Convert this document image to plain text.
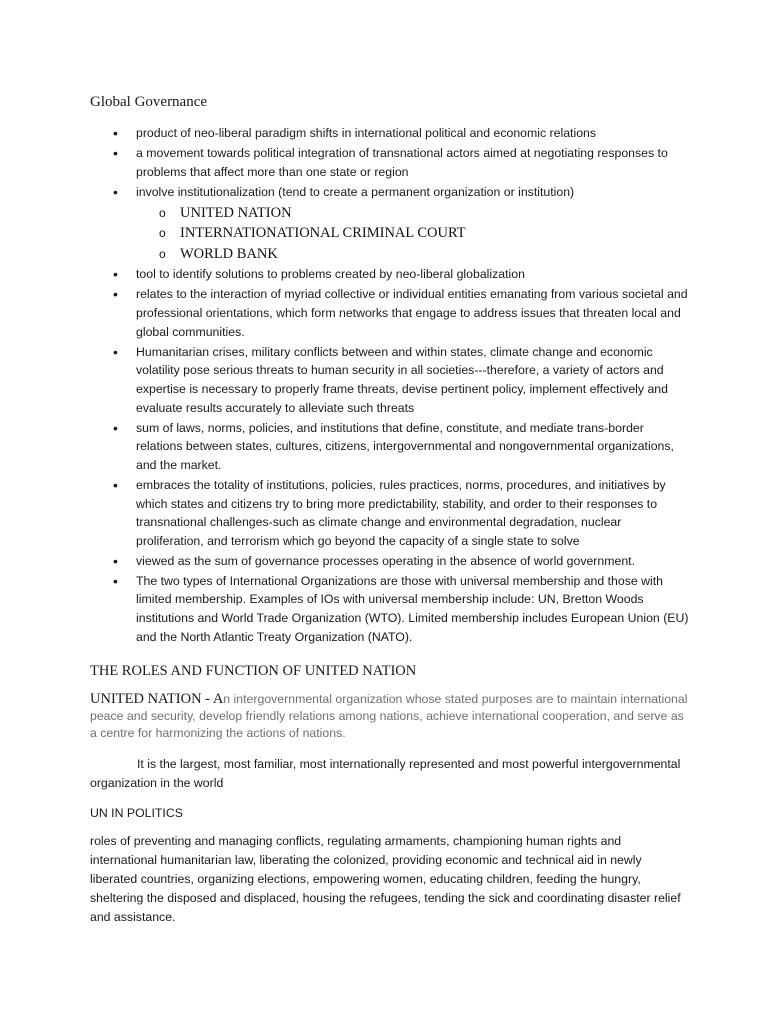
Global Governance
• product of neo-liberal paradigm shifts in international political and economic relations
• a movement towards political integration of transnational actors aimed at negotiating responses to problems that affect more than one state or region
• involve institutionalization (tend to create a permanent organization or institution)
o UNITED NATION
o INTERNATIONATIONAL CRIMINAL COURT
o WORLD BANK
• tool to identify solutions to problems created by neo-liberal globalization
• relates to the interaction of myriad collective or individual entities emanating from various societal and professional orientations, which form networks that engage to address issues that threaten local and global communities.
• Humanitarian crises, military conflicts between and within states, climate change and economic volatility pose serious threats to human security in all societies---therefore, a variety of actors and expertise is necessary to properly frame threats, devise pertinent policy, implement effectively and evaluate results accurately to alleviate such threats
• sum of laws, norms, policies, and institutions that define, constitute, and mediate trans-border relations between states, cultures, citizens, intergovernmental and nongovernmental organizations, and the market.
• embraces the totality of institutions, policies, rules practices, norms, procedures, and initiatives by which states and citizens try to bring more predictability, stability, and order to their responses to transnational challenges-such as climate change and environmental degradation, nuclear proliferation, and terrorism which go beyond the capacity of a single state to solve
• viewed as the sum of governance processes operating in the absence of world government.
• The two types of International Organizations are those with universal membership and those with limited membership. Examples of IOs with universal membership include: UN, Bretton Woods institutions and World Trade Organization (WTO). Limited membership includes European Union (EU) and the North Atlantic Treaty Organization (NATO).
THE ROLES AND FUNCTION OF UNITED NATION
UNITED NATION - An intergovernmental organization whose stated purposes are to maintain international peace and security, develop friendly relations among nations, achieve international cooperation, and serve as a centre for harmonizing the actions of nations.
It is the largest, most familiar, most internationally represented and most powerful intergovernmental organization in the world
UN IN POLITICS
roles of preventing and managing conflicts, regulating armaments, championing human rights and international humanitarian law, liberating the colonized, providing economic and technical aid in newly liberated countries, organizing elections, empowering women, educating children, feeding the hungry, sheltering the disposed and displaced, housing the refugees, tending the sick and coordinating disaster relief and assistance.
